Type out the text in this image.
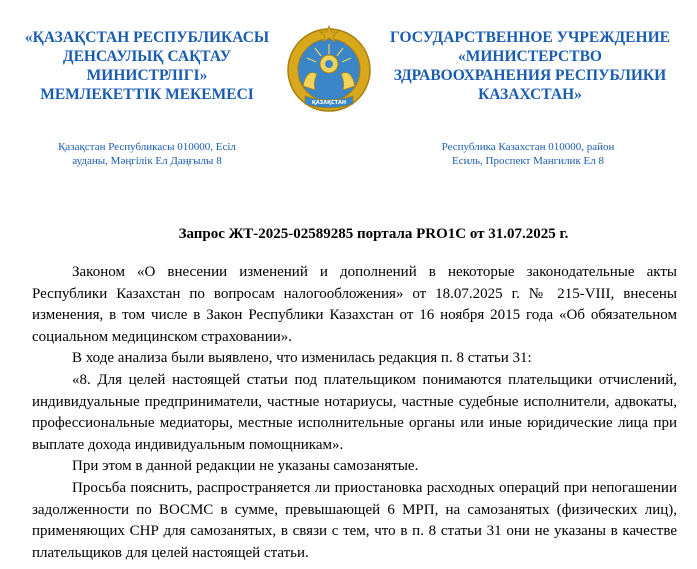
«ҚАЗАҚСТАН РЕСПУБЛИКАСЫ
ДЕНСАУЛЫҚ САҚТАУ
МИНИСТРЛІГІ»
МЕМЛЕКЕТТІК МЕКЕМЕСІ	ҚАЗАҚСТАН
ГОСУДАРСТВЕННОЕ УЧРЕЖДЕНИЕ
«МИНИСТЕРСТВО
ЗДРАВООХРАНЕНИЯ РЕСПУБЛИКИ
КАЗАХСТАН»
Қазақстан Республикасы 010000, Есіл
ауданы, Мәңгілік Ел Даңғылы 8
Республика Казахстан 010000, район
Есиль, Проспект Мангилик Ел 8
Запрос ЖТ-2025-02589285 портала PRO1C от 31.07.2025 г.

Законом «О внесении изменений и дополнений в некоторые законодательные акты Республики Казахстан по вопросам налогообложения» от 18.07.2025 г. № 215-VIII, внесены изменения, в том числе в Закон Республики Казахстан от 16 ноября 2015 года «Об обязательном социальном медицинском страховании».

В ходе анализа были выявлено, что изменилась редакция п. 8 статьи 31:

«8. Для целей настоящей статьи под плательщиком понимаются плательщики отчислений, индивидуальные предприниматели, частные нотариусы, частные судебные исполнители, адвокаты, профессиональные медиаторы, местные исполнительные органы или иные юридические лица при выплате дохода индивидуальным помощникам».

При этом в данной редакции не указаны самозанятые.

Просьба пояснить, распространяется ли приостановка расходных операций при непогашении задолженности по ВОСМС в сумме, превышающей 6 МРП, на самозанятых (физических лиц), применяющих СНР для самозанятых, в связи с тем, что в п. 8 статьи 31 они не указаны в качестве плательщиков для целей настоящей статьи.
